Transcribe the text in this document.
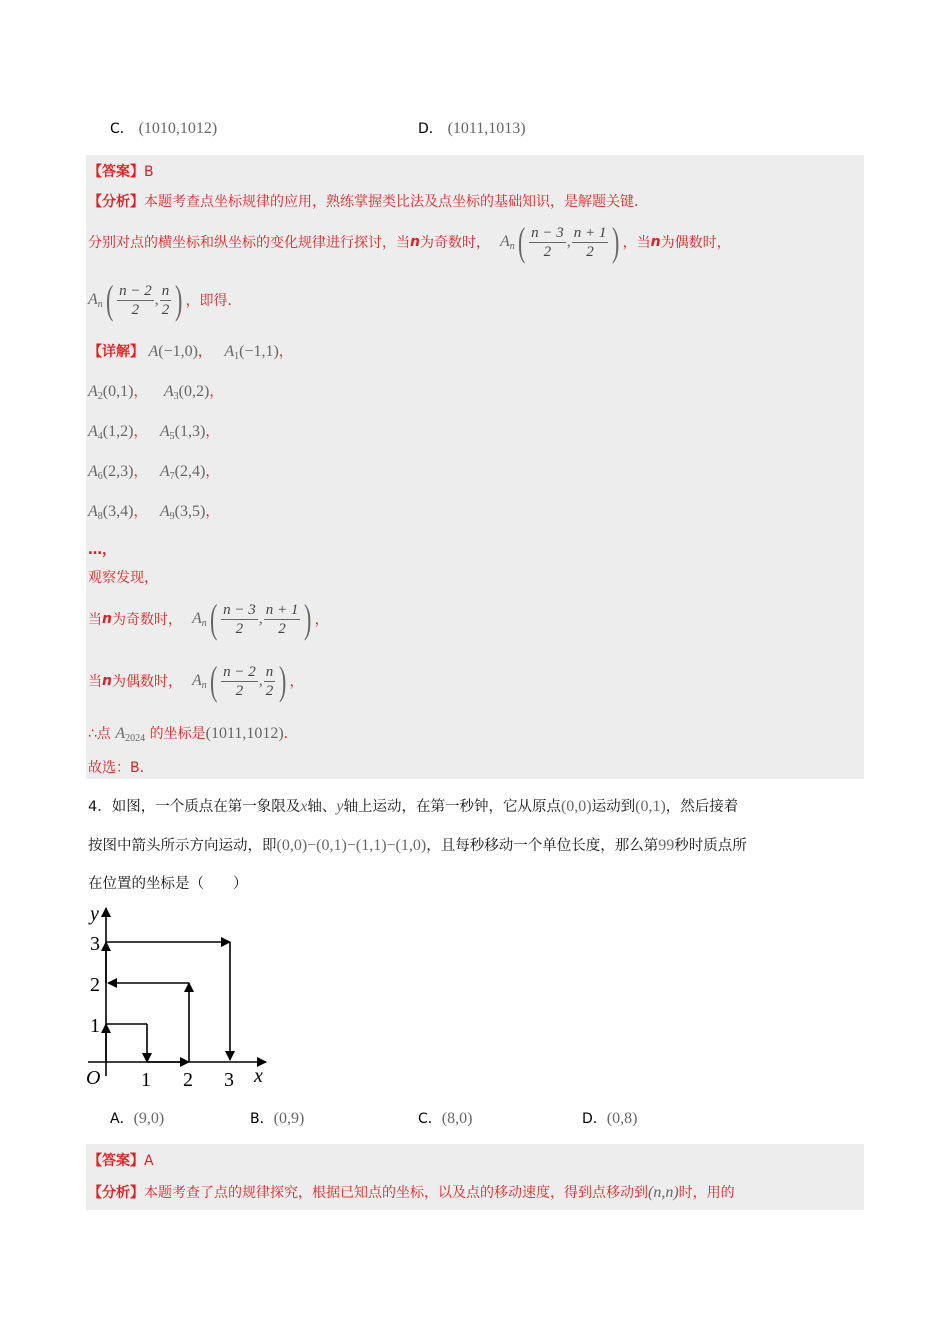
C． (1010,1012)	D． (1011,1013)
【答案】B
【分析】本题考查点坐标规律的应用，熟练掌握类比法及点坐标的基础知识，是解题关键．
分别对点的横坐标和纵坐标的变化规律进行探讨，当 n 为奇数时， $A_n$ ( $\frac{n - 3}{2}$ , $\frac{n + 1}{2}$ ) ，当 n 为偶数时，
$A_n$ ( $\frac{n - 2}{2}$ , $\frac{n}{2}$ ) ，即得．
【详解】 A(−1,0)， $A_1(-1,1)$，
$A_2(0,1)$， $A_3(0,2)$，
$A_4(1,2)$， $A_5(1,3)$，
$A_6(2,3)$， $A_7(2,4)$，
$A_8(3,4)$， $A_9(3,5)$，
…，
观察发现，
当 n 为奇数时， $A_n$ ( $\frac{n - 3}{2}$ , $\frac{n + 1}{2}$ ) ，
当 n 为偶数时， $A_n$ ( $\frac{n - 2}{2}$ , $\frac{n}{2}$ ) ，
∴点 $A_{2024}$ 的坐标是(1011,1012)．
故选：B．
4．如图，一个质点在第一象限及x轴、y轴上运动，在第一秒钟，它从原点(0,0)运动到(0,1)，然后接着
按图中箭头所示方向运动，即(0,0)−(0,1)−(1,1)−(1,0)，且每秒移动一个单位长度，那么第99秒时质点所
在位置的坐标是（　　）
y
x
O
1
2
3
1 2 3
A．(9,0)	B．(0,9)	C．(8,0)	D．(0,8)
【答案】A
【分析】本题考查了点的规律探究，根据已知点的坐标，以及点的移动速度，得到点移动到(n,n)时，用的
